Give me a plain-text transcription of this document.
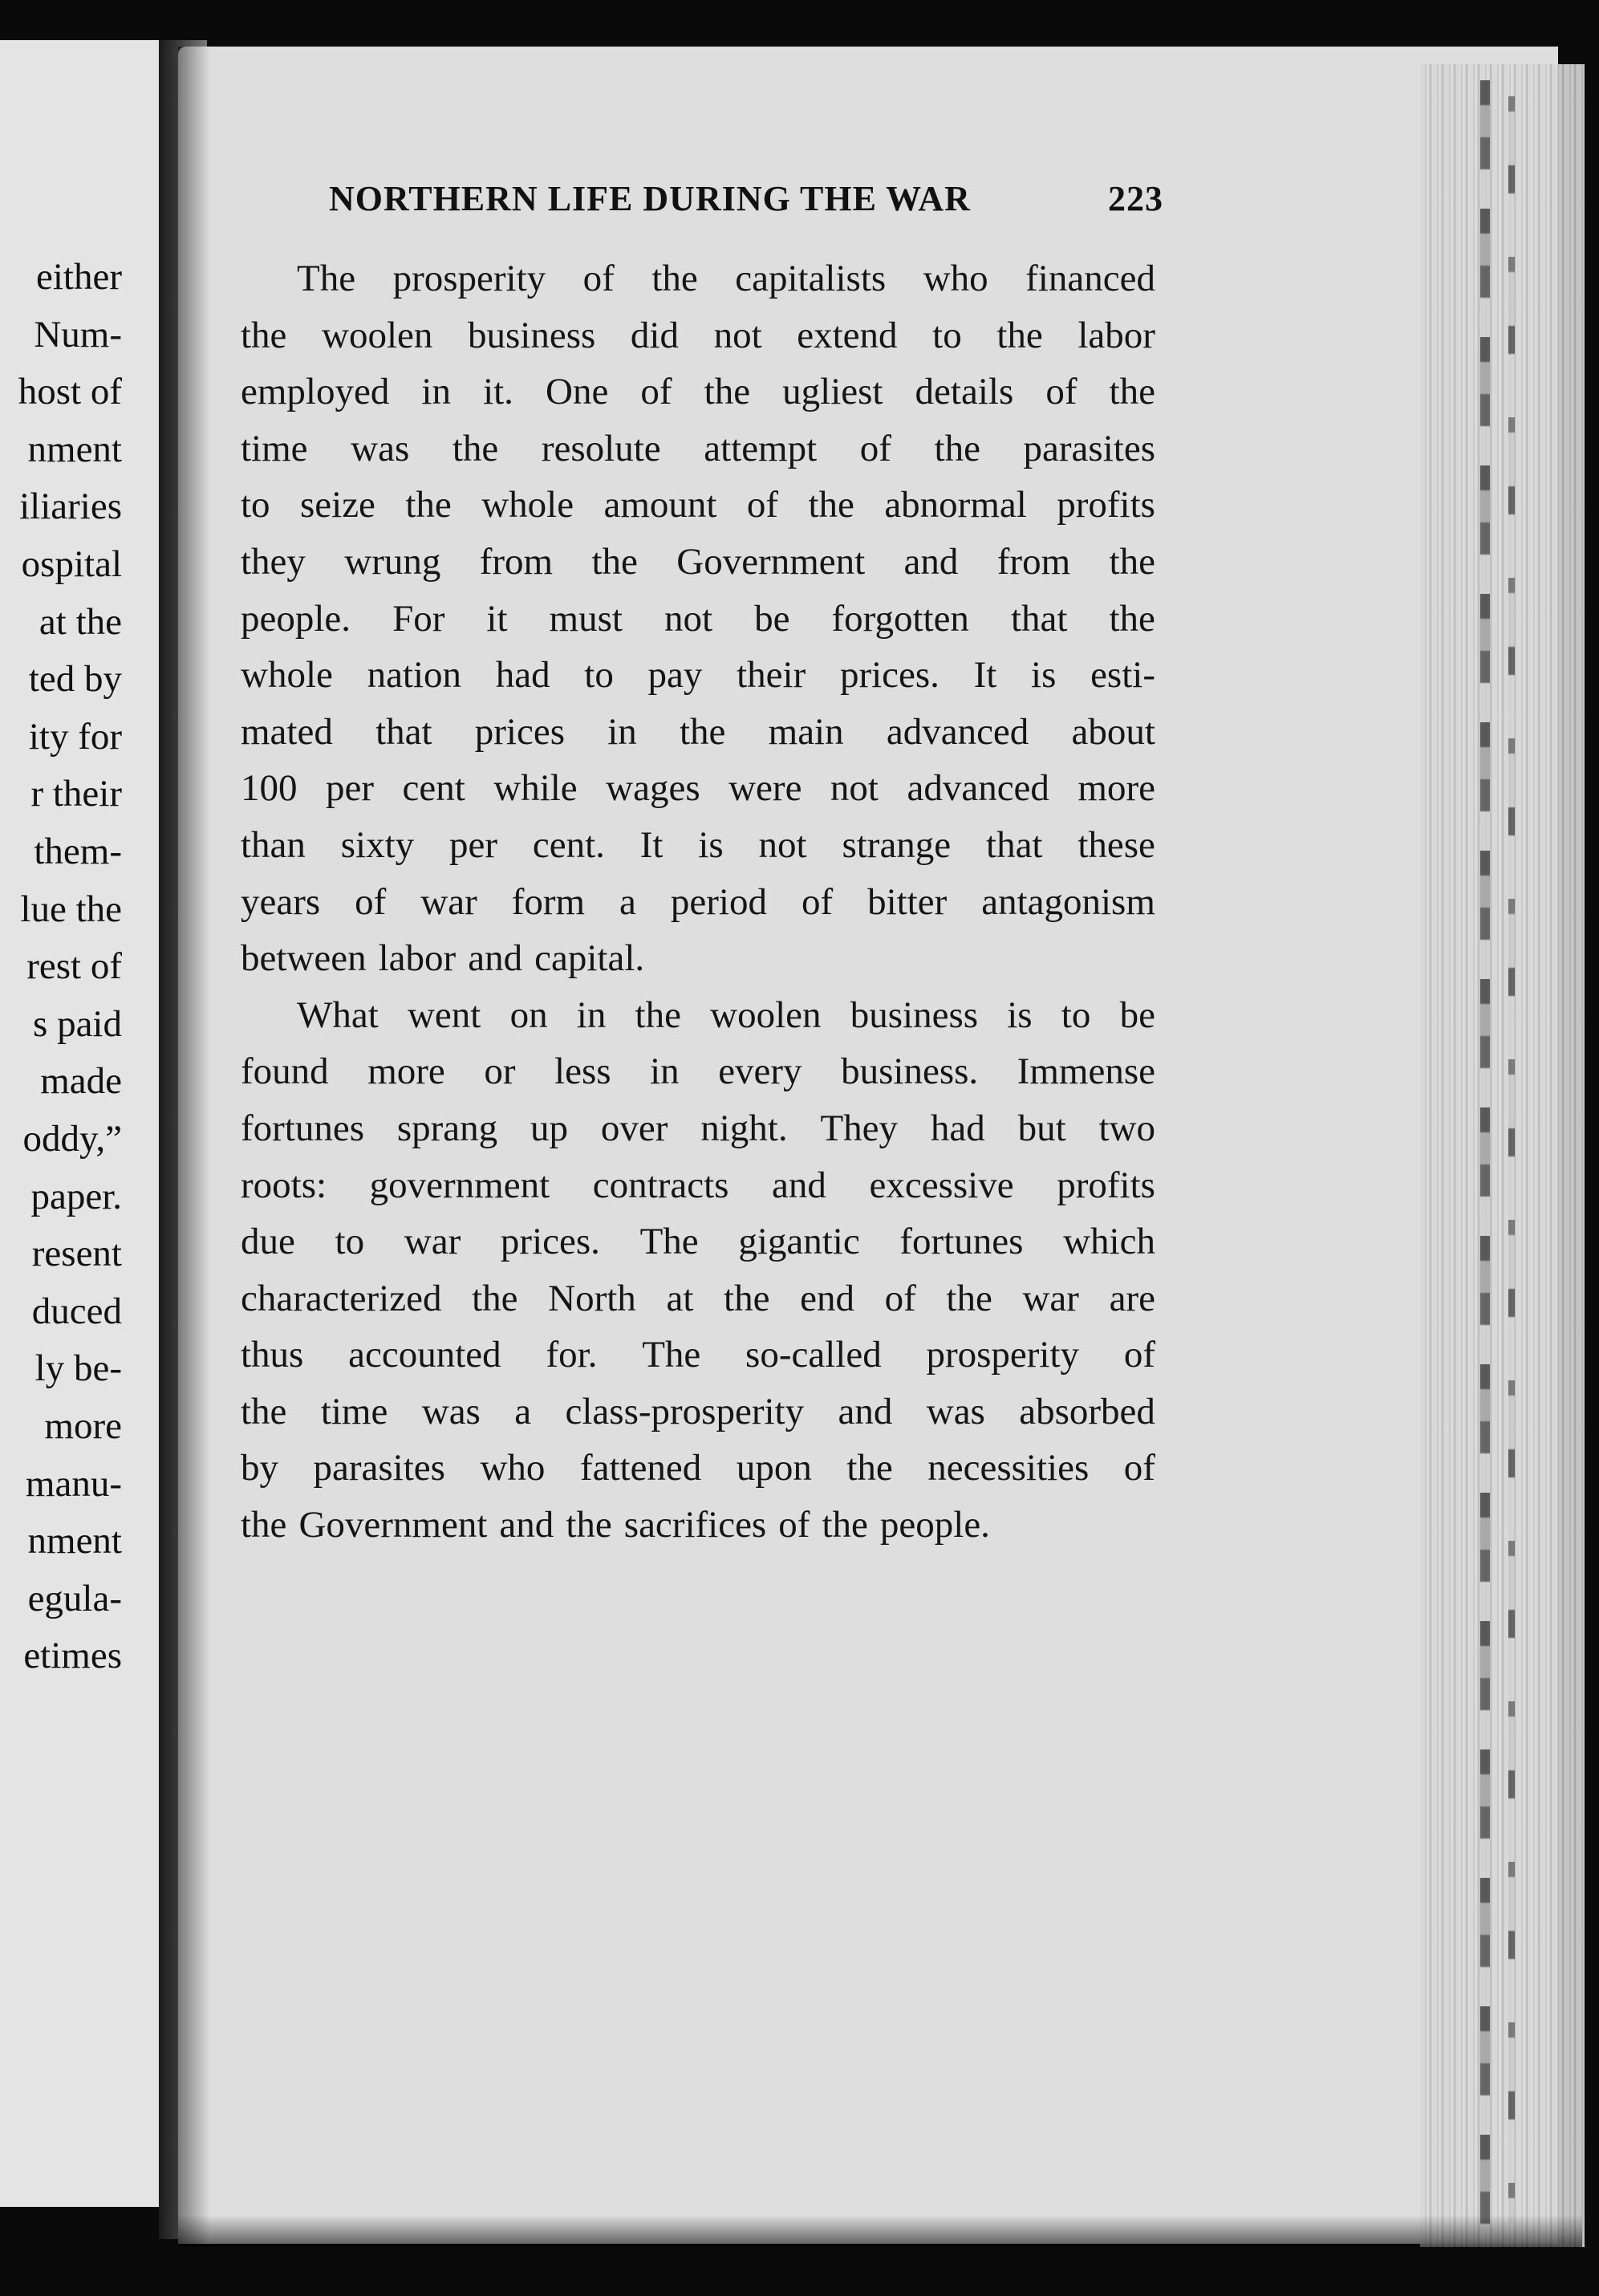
either
Num-
host of
nment
iliaries
ospital
at the
ted by
ity for
r their
them-
lue the
rest of
s paid
made
oddy,”
paper.
resent
duced
ly be-
more
manu-
nment
egula-
etimes
NORTHERN LIFE DURING THE WAR	223
The prosperity of the capitalists who financed
the woolen business did not extend to the labor
employed in it. One of the ugliest details of the
time was the resolute attempt of the parasites
to seize the whole amount of the abnormal profits
they wrung from the Government and from the
people. For it must not be forgotten that the
whole nation had to pay their prices. It is esti-
mated that prices in the main advanced about
100 per cent while wages were not advanced more
than sixty per cent. It is not strange that these
years of war form a period of bitter antagonism
between labor and capital.
What went on in the woolen business is to be
found more or less in every business. Immense
fortunes sprang up over night. They had but two
roots: government contracts and excessive profits
due to war prices. The gigantic fortunes which
characterized the North at the end of the war are
thus accounted for. The so-called prosperity of
the time was a class-prosperity and was absorbed
by parasites who fattened upon the necessities of
the Government and the sacrifices of the people.
